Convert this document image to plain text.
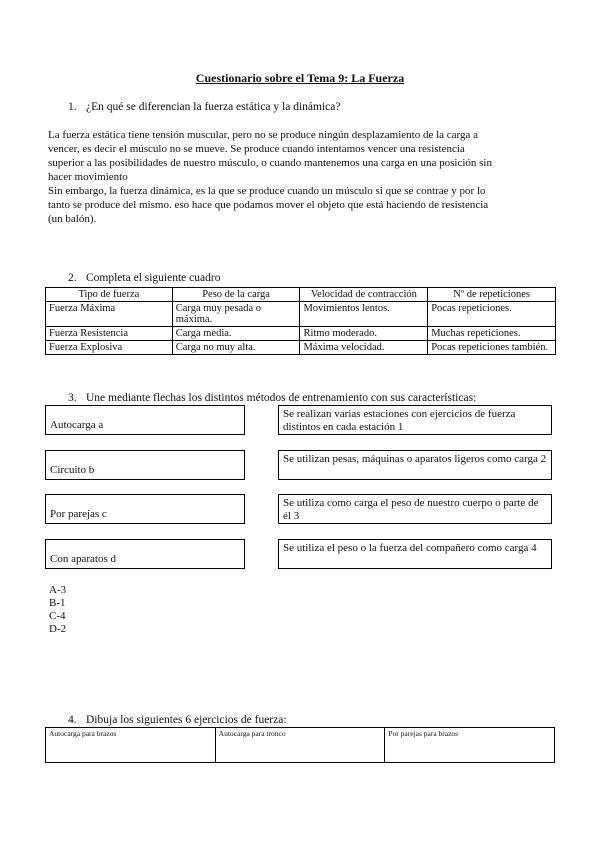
Cuestionario sobre el Tema 9: La Fuerza
1. ¿En qué se diferencian la fuerza estática y la dinámica?
La fuerza estática tiene tensión muscular, pero no se produce ningún desplazamiento de la carga a
vencer, es decir el músculo no se mueve. Se produce cuando intentamos vencer una resistencia
superior a las posibilidades de nuestro músculo, o cuando mantenemos una carga en una posición sin
hacer movimiento
Sin embargo, la fuerza dinámica, es la que se produce cuando un músculo si que se contrae y por lo
tanto se produce del mismo. eso hace que podamos mover el objeto que está haciendo de resistencia
(un balón).
2. Completa el siguiente cuadro
Tipo de fuerza	Peso de la carga	Velocidad de contracción	Nº de repeticiones
Fuerza Máxima	Carga muy pesada o máxima.	Movimientos lentos.	Pocas repeticiones.
Fuerza Resistencia	Carga media.	Ritmo moderado.	Muchas repeticiones.
Fuerza Explosiva	Carga no muy alta.	Máxima velocidad.	Pocas repeticiones también.
3. Une mediante flechas los distintos métodos de entrenamiento con sus características:
Autocarga a
Circuito b
Por parejas c
Con aparatos d
Se realizan varias estaciones con ejercicios de fuerza distintos en cada estación 1
Se utilizan pesas, máquinas o aparatos ligeros como carga 2
Se utiliza como carga el peso de nuestro cuerpo o parte de él 3
Se utiliza el peso o la fuerza del compañero como carga 4
A-3
B-1
C-4
D-2
4. Dibuja los siguientes 6 ejercicios de fuerza:
Autocarga para brazos	Autocarga para tronco	Por parejas para brazos
